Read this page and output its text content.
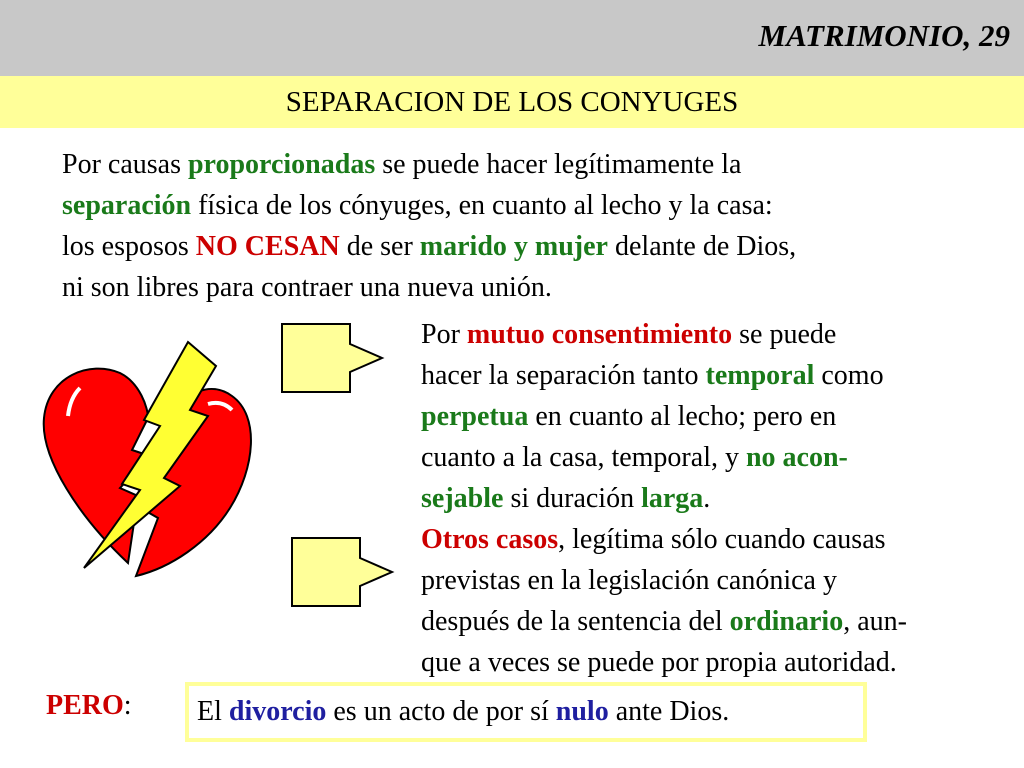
MATRIMONIO, 29
SEPARACION DE LOS CONYUGES
Por causas proporcionadas se puede hacer legítimamente la
separación física de los cónyuges, en cuanto al lecho y la casa:
los esposos NO CESAN de ser marido y mujer delante de Dios,
ni son libres para contraer una nueva unión.
Por mutuo consentimiento se puede
hacer la separación tanto temporal como
perpetua en cuanto al lecho; pero en
cuanto a la casa, temporal, y no acon-
sejable si duración larga.
Otros casos, legítima sólo cuando causas
previstas en la legislación canónica y
después de la sentencia del ordinario, aun-
que a veces se puede por propia autoridad.
PERO: El divorcio es un acto de por sí nulo ante Dios.
